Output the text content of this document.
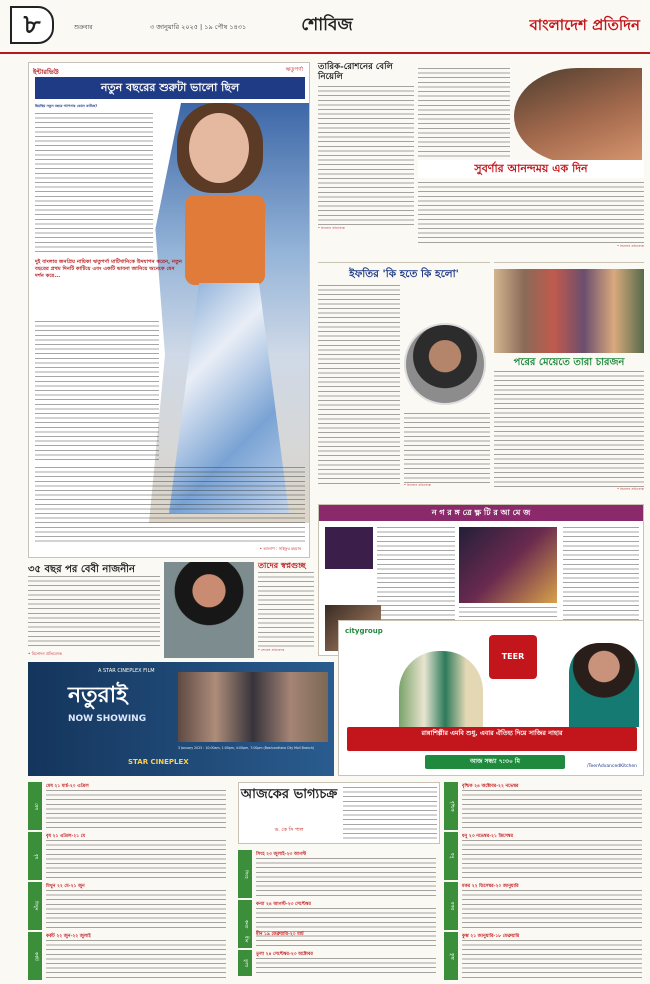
৮	শুক্রবার	৩ জানুয়ারি ২০২৫ | ১৯ পৌষ ১৪৩১	শোবিজ	বাংলাদেশ প্রতিদিন
ইন্টারভিউ	ঋতুপর্ণা
নতুন বছরের শুরুটা ভালো ছিল
ছিমছিম নতুন বছরে আপনার কেমন কাটছে?
দুই বাংলার জনপ্রিয় নায়িকা ঋতুপর্ণা মাটিখানিকে উদযাপন করেন, নতুন বছরের প্রথম দিনটি কাটিয়ে এবং একটি ভাবনা জানিয়ে অনেকে যেন দর্শন করে...
• আলাপ : সাইফুর রহমান
তারিক-রোশনের বেলি নিয়েলি
• বিনোদন প্রতিবেদক
সুবর্ণার আনন্দময় এক দিন
• বিনোদন প্রতিবেদক
ইফতির 'কি হতে কি হলো'
• বিনোদন প্রতিবেদক
পরের মেয়েতে তারা চারজন
• বিনোদন প্রতিবেদক
ন গ র ঙ্গ ত্রে ক্ষ্ণ টি র আ মে জ
৩৫ বছর পর বেবী নাজনীন
• বিনোদন প্রতিবেদক
তাদের স্বপ্নগুচ্ছ
• সোহেল প্রতিবেদক
A STAR CINEPLEX FILM
নতুরাই
NOW SHOWING
3 January 2025 : 10:00am, 1:00pm, 4:00pm, 7:00pm (Bashundhara City Mall Branch)
STAR CINEPLEX
citygroup
TEER
রান্নাশিল্পীর এমবি শুধু, এবার ঐতিহ্য দিয়ে সাজির নাহার
আজ সন্ধ্যা ৭:৩০ মি
/TeerAdvancedKitchen
আজকের ভাগ্যচক্র
ড. কে সি পাল
মেষ
মেষ ২১ মার্চ-২০ এপ্রিল
বৃষ
বৃষ ২১ এপ্রিল-২১ মে
মিথুন
মিথুন ২২ মে-২১ জুন
কর্কট
কর্কট ২২ জুন-২২ জুলাই
সিংহ
সিংহ ২৩ জুলাই-২৩ আগস্ট
কন্যা
কন্যা ২৪ আগস্ট-২৩ সেপ্টেম্বর
তুলা
তুলা ২৪ সেপ্টেম্বর-২৩ অক্টোবর
বৃশ্চিক
বৃশ্চিক ২৪ অক্টোবর-২২ নভেম্বর
ধনু
ধনু ২৩ নভেম্বর-২১ ডিসেম্বর
মকর
মকর ২২ ডিসেম্বর-২০ জানুয়ারি
কুম্ভ
কুম্ভ ২১ জানুয়ারি-১৮ ফেব্রুয়ারি
মীন
মীন ১৯ ফেব্রুয়ারি-২০ মার্চ
